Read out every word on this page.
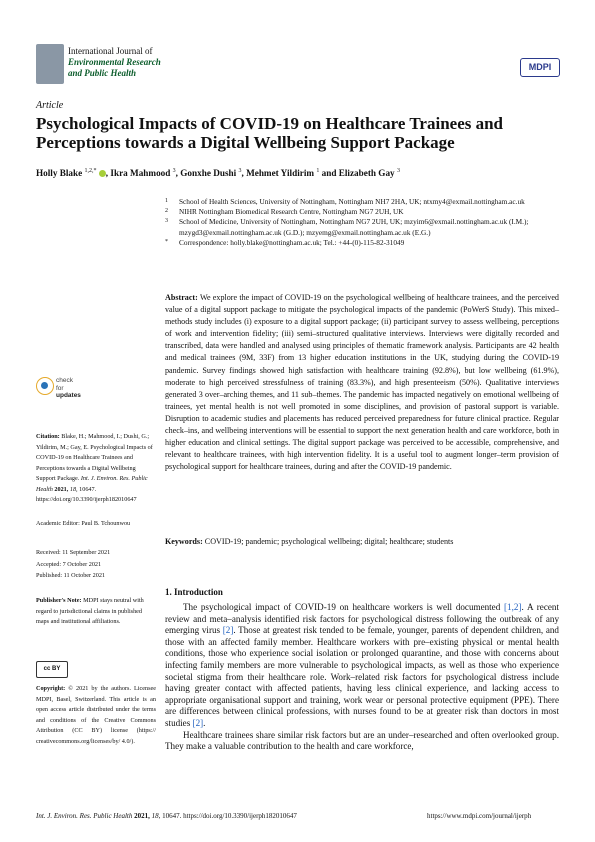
International Journal of
Environmental Research
and Public Health
MDPI
Article
Psychological Impacts of COVID-19 on Healthcare Trainees and Perceptions towards a Digital Wellbeing Support Package
Holly Blake $^{1,2,*}$ , Ikra Mahmood $^3$, Gonxhe Dushi $^3$, Mehmet Yildirim $^1$ and Elizabeth Gay $^3$
1 School of Health Sciences, University of Nottingham, Nottingham NH7 2HA, UK; ntxmy4@exmail.nottingham.ac.uk
2 NIHR Nottingham Biomedical Research Centre, Nottingham NG7 2UH, UK
3 School of Medicine, University of Nottingham, Nottingham NG7 2UH, UK; mzyim6@exmail.nottingham.ac.uk (I.M.); mzygd3@exmail.nottingham.ac.uk (G.D.); mzyemg@exmail.nottingham.ac.uk (E.G.)
* Correspondence: holly.blake@nottingham.ac.uk; Tel.: +44-(0)-115-82-31049
Abstract: We explore the impact of COVID-19 on the psychological wellbeing of healthcare trainees, and the perceived value of a digital support package to mitigate the psychological impacts of the pandemic (PoWerS Study). This mixed–methods study includes (i) exposure to a digital support package; (ii) participant survey to assess wellbeing, perceptions of work and intervention fidelity; (iii) semi–structured qualitative interviews. Interviews were digitally recorded and transcribed, data were handled and analysed using principles of thematic framework analysis. Participants are 42 health and medical trainees (9M, 33F) from 13 higher education institutions in the UK, studying during the COVID-19 pandemic. Survey findings showed high satisfaction with healthcare training (92.8%), but low wellbeing (61.9%), moderate to high perceived stressfulness of training (83.3%), and high presenteeism (50%). Qualitative interviews generated 3 over–arching themes, and 11 sub–themes. The pandemic has impacted negatively on emotional wellbeing of trainees, yet mental health is not well promoted in some disciplines, and provision of pastoral support is variable. Disruption to academic studies and placements has reduced perceived preparedness for future clinical practice. Regular check–ins, and wellbeing interventions will be essential to support the next generation health and care workforce, both in higher education and clinical settings. The digital support package was perceived to be accessible, comprehensive, and relevant to healthcare trainees, with high intervention fidelity. It is a useful tool to augment longer–term provision of psychological support for healthcare trainees, during and after the COVID-19 pandemic.
Keywords: COVID-19; pandemic; psychological wellbeing; digital; healthcare; students
check for
updates
Citation: Blake, H.; Mahmood, I.; Dushi, G.; Yildirim, M.; Gay, E. Psychological Impacts of COVID-19 on Healthcare Trainees and Perceptions towards a Digital Wellbeing Support Package. Int. J. Environ. Res. Public Health 2021, 18, 10647. https://doi.org/10.3390/ijerph182010647
Academic Editor: Paul B. Tchounwou
Received: 11 September 2021
Accepted: 7 October 2021
Published: 11 October 2021
Publisher's Note: MDPI stays neutral with regard to jurisdictional claims in published maps and institutional affiliations.
cc BY
Copyright: © 2021 by the authors. Licensee MDPI, Basel, Switzerland. This article is an open access article distributed under the terms and conditions of the Creative Commons Attribution (CC BY) license (https:// creativecommons.org/licenses/by/ 4.0/).
1. Introduction

The psychological impact of COVID-19 on healthcare workers is well documented [1,2]. A recent review and meta–analysis identified risk factors for psychological distress following the outbreak of any emerging virus [2]. Those at greatest risk tended to be female, younger, parents of dependent children, and those with an affected family member. Healthcare workers with pre–existing physical or mental health conditions, those who experience social isolation or prolonged quarantine, and those with concerns about infecting family members are more vulnerable to psychological impacts, as well as those who experience societal stigma from their healthcare role. Work–related risk factors for psychological distress include having greater contact with affected patients, having less clinical experience, and lacking access to appropriate organisational support and training, work wear or personal protective equipment (PPE). There are differences between clinical professions, with nurses found to be at greater risk than doctors in most studies [2].

Healthcare trainees share similar risk factors but are an under–researched and often overlooked group. They make a valuable contribution to the health and care workforce,

Int. J. Environ. Res. Public Health 2021, 18, 10647. https://doi.org/10.3390/ijerph182010647	https://www.mdpi.com/journal/ijerph
